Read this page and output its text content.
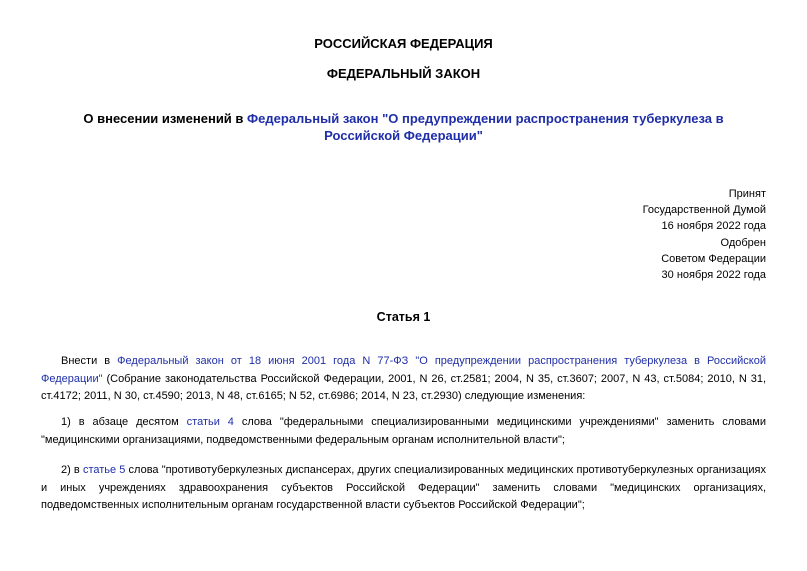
РОССИЙСКАЯ ФЕДЕРАЦИЯ
ФЕДЕРАЛЬНЫЙ ЗАКОН
О внесении изменений в Федеральный закон "О предупреждении распространения туберкулеза в Российской Федерации"
Принят
Государственной Думой
16 ноября 2022 года
Одобрен
Советом Федерации
30 ноября 2022 года
Статья 1
Внести в Федеральный закон от 18 июня 2001 года N 77-ФЗ "О предупреждении распространения туберкулеза в Российской Федерации" (Собрание законодательства Российской Федерации, 2001, N 26, ст.2581; 2004, N 35, ст.3607; 2007, N 43, ст.5084; 2010, N 31, ст.4172; 2011, N 30, ст.4590; 2013, N 48, ст.6165; N 52, ст.6986; 2014, N 23, ст.2930) следующие изменения:
1) в абзаце десятом статьи 4 слова "федеральными специализированными медицинскими учреждениями" заменить словами "медицинскими организациями, подведомственными федеральным органам исполнительной власти";
2) в статье 5 слова "противотуберкулезных диспансерах, других специализированных медицинских противотуберкулезных организациях и иных учреждениях здравоохранения субъектов Российской Федерации" заменить словами "медицинских организациях, подведомственных исполнительным органам государственной власти субъектов Российской Федерации";
